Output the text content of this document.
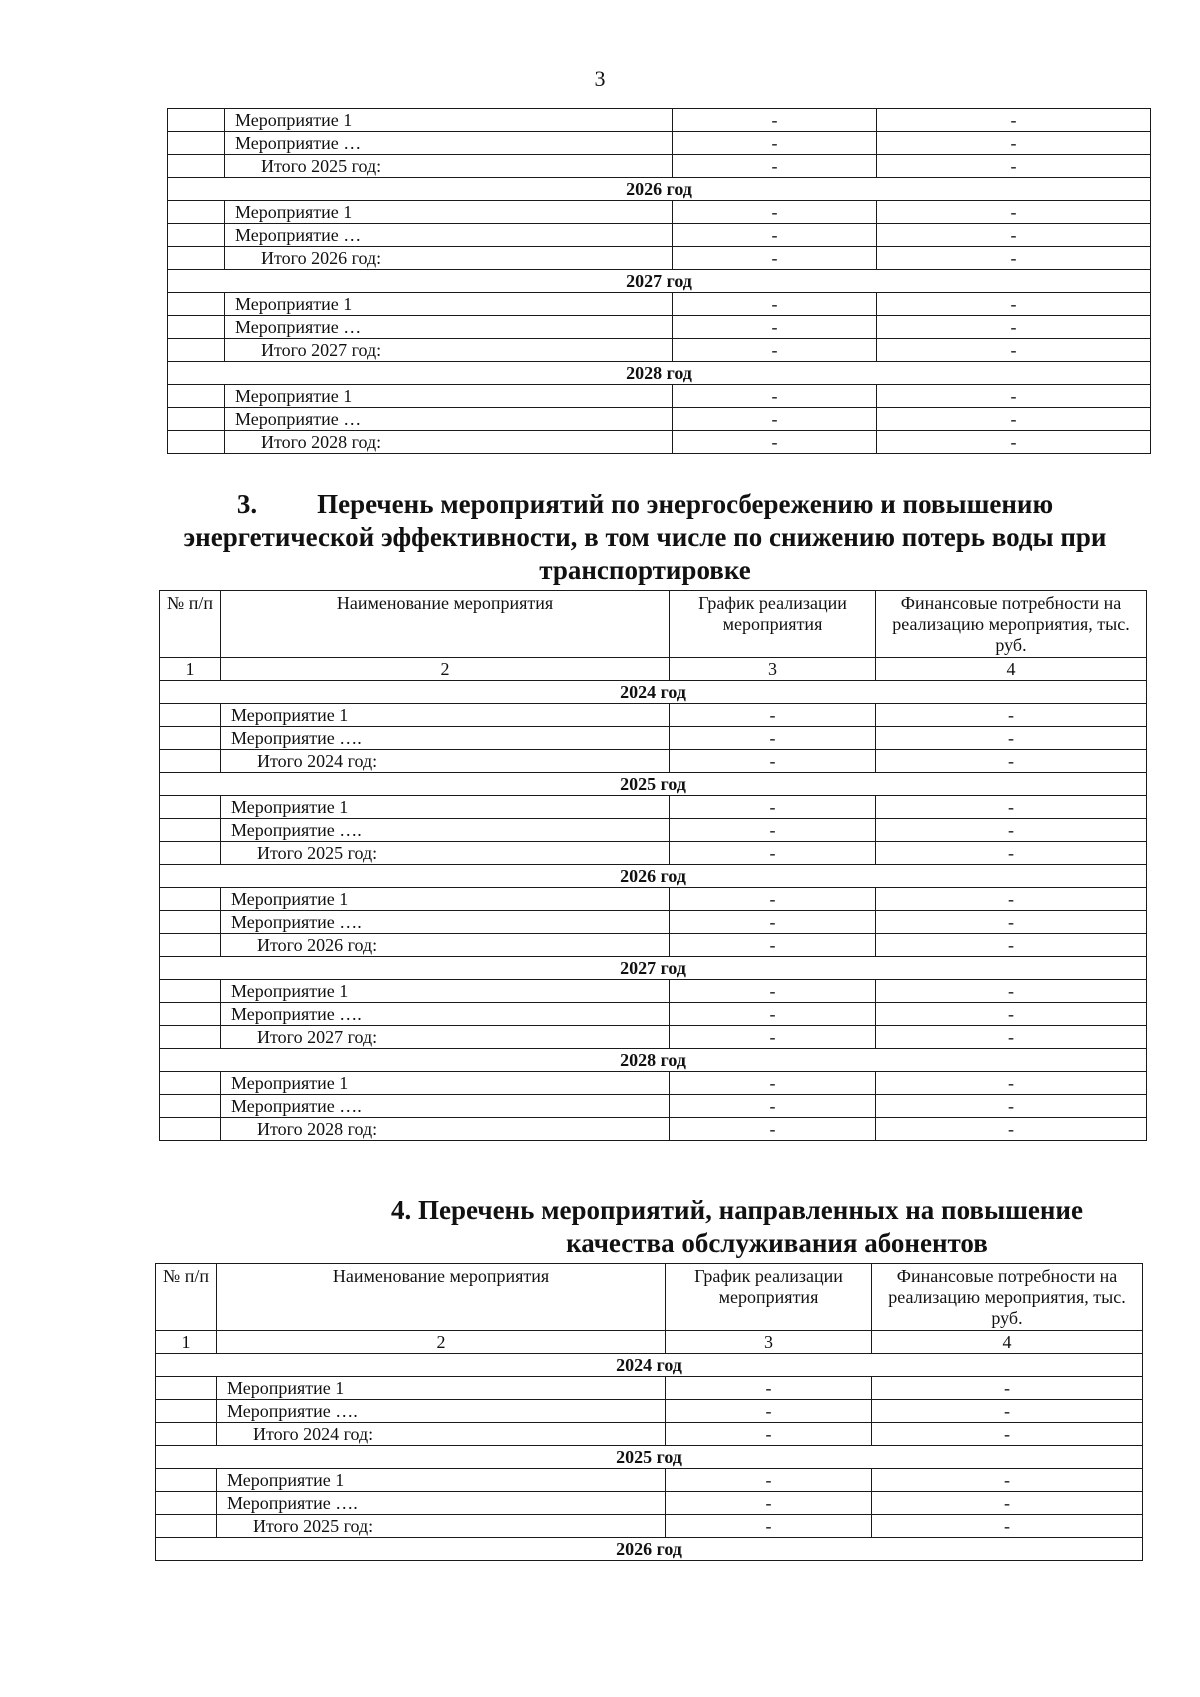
3
	Мероприятие 1	-	-
	Мероприятие …	-	-
	Итого 2025 год:	-	-
2026 год			
	Мероприятие 1	-	-
	Мероприятие …	-	-
	Итого 2026 год:	-	-
2027 год			
	Мероприятие 1	-	-
	Мероприятие …	-	-
	Итого 2027 год:	-	-
2028 год			
	Мероприятие 1	-	-
	Мероприятие …	-	-
	Итого 2028 год:	-	-
3. Перечень мероприятий по энергосбережению и повышению
энергетической эффективности, в том числе по снижению потерь воды при
транспортировке
№ п/п	Наименование мероприятия	График реализации мероприятия	Финансовые потребности на реализацию мероприятия, тыс. руб.
1	2	3	4
2024 год			
	Мероприятие 1	-	-
	Мероприятие ….	-	-
	Итого 2024 год:	-	-
2025 год			
	Мероприятие 1	-	-
	Мероприятие ….	-	-
	Итого 2025 год:	-	-
2026 год			
	Мероприятие 1	-	-
	Мероприятие ….	-	-
	Итого 2026 год:	-	-
2027 год			
	Мероприятие 1	-	-
	Мероприятие ….	-	-
	Итого 2027 год:	-	-
2028 год			
	Мероприятие 1	-	-
	Мероприятие ….	-	-
	Итого 2028 год:	-	-
4. Перечень мероприятий, направленных на повышение
качества обслуживания абонентов
№ п/п	Наименование мероприятия	График реализации мероприятия	Финансовые потребности на реализацию мероприятия, тыс. руб.
1	2	3	4
2024 год			
	Мероприятие 1	-	-
	Мероприятие ….	-	-
	Итого 2024 год:	-	-
2025 год			
	Мероприятие 1	-	-
	Мероприятие ….	-	-
	Итого 2025 год:	-	-
2026 год			
